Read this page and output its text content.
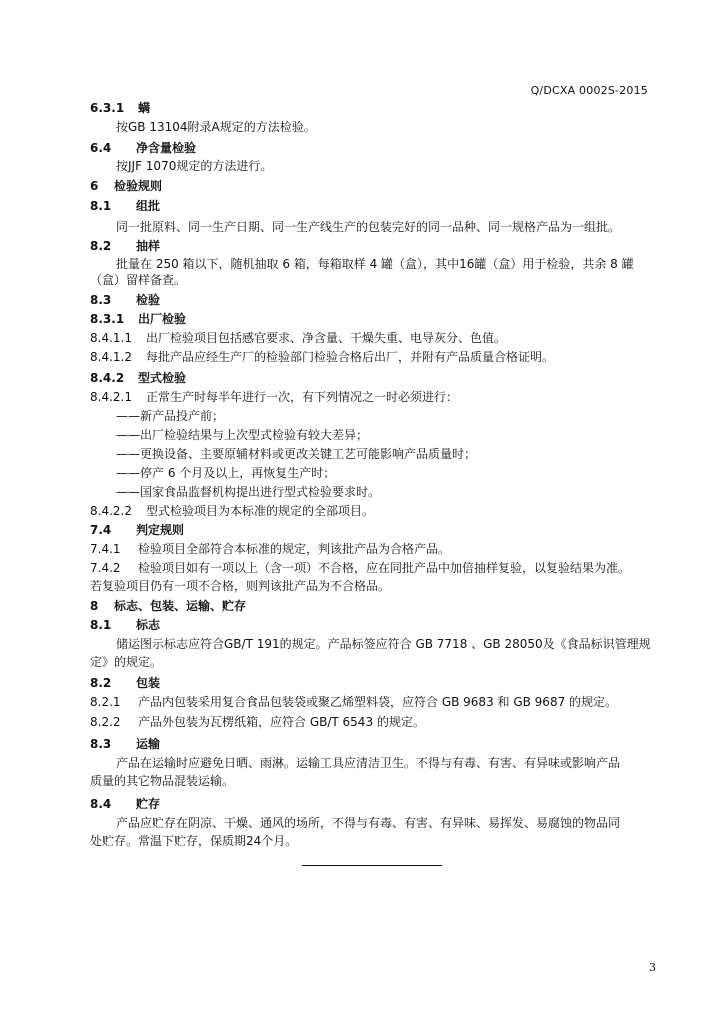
Q/DCXA 0002S-2015
6.3.1 螨
按GB 13104附录A规定的方法检验。
6.4 净含量检验
按JJF 1070规定的方法进行。
6 检验规则
8.1 组批
同一批原料、同一生产日期、同一生产线生产的包装完好的同一品种、同一规格产品为一组批。
8.2 抽样
批量在 250 箱以下，随机抽取 6 箱，每箱取样 4 罐（盒），其中16罐（盒）用于检验，共余 8 罐
（盒）留样备查。
8.3 检验
8.3.1 出厂检验
8.4.1.1 出厂检验项目包括感官要求、净含量、干燥失重、电导灰分、色值。
8.4.1.2 每批产品应经生产厂的检验部门检验合格后出厂，并附有产品质量合格证明。
8.4.2 型式检验
8.4.2.1 正常生产时每半年进行一次，有下列情况之一时必须进行：
——新产品投产前；
——出厂检验结果与上次型式检验有较大差异；
——更换设备、主要原辅材料或更改关键工艺可能影响产品质量时；
——停产 6 个月及以上，再恢复生产时；
——国家食品监督机构提出进行型式检验要求时。
8.4.2.2 型式检验项目为本标准的规定的全部项目。
7.4 判定规则
7.4.1 检验项目全部符合本标准的规定，判该批产品为合格产品。
7.4.2 检验项目如有一项以上（含一项）不合格，应在同批产品中加倍抽样复验，以复验结果为准。
若复验项目仍有一项不合格，则判该批产品为不合格品。
8 标志、包装、运输、贮存
8.1 标志
储运图示标志应符合GB/T 191的规定。产品标签应符合 GB 7718 、GB 28050及《食品标识管理规
定》的规定。
8.2 包装
8.2.1 产品内包装采用复合食品包装袋或聚乙烯塑料袋，应符合 GB 9683 和 GB 9687 的规定。
8.2.2 产品外包装为瓦楞纸箱，应符合 GB/T 6543 的规定。
8.3 运输
产品在运输时应避免日晒、雨淋。运输工具应清洁卫生。不得与有毒、有害、有异味或影响产品
质量的其它物品混装运输。
8.4 贮存
产品应贮存在阴凉、干燥、通风的场所，不得与有毒、有害、有异味、易挥发、易腐蚀的物品同
处贮存。常温下贮存，保质期24个月。
3
